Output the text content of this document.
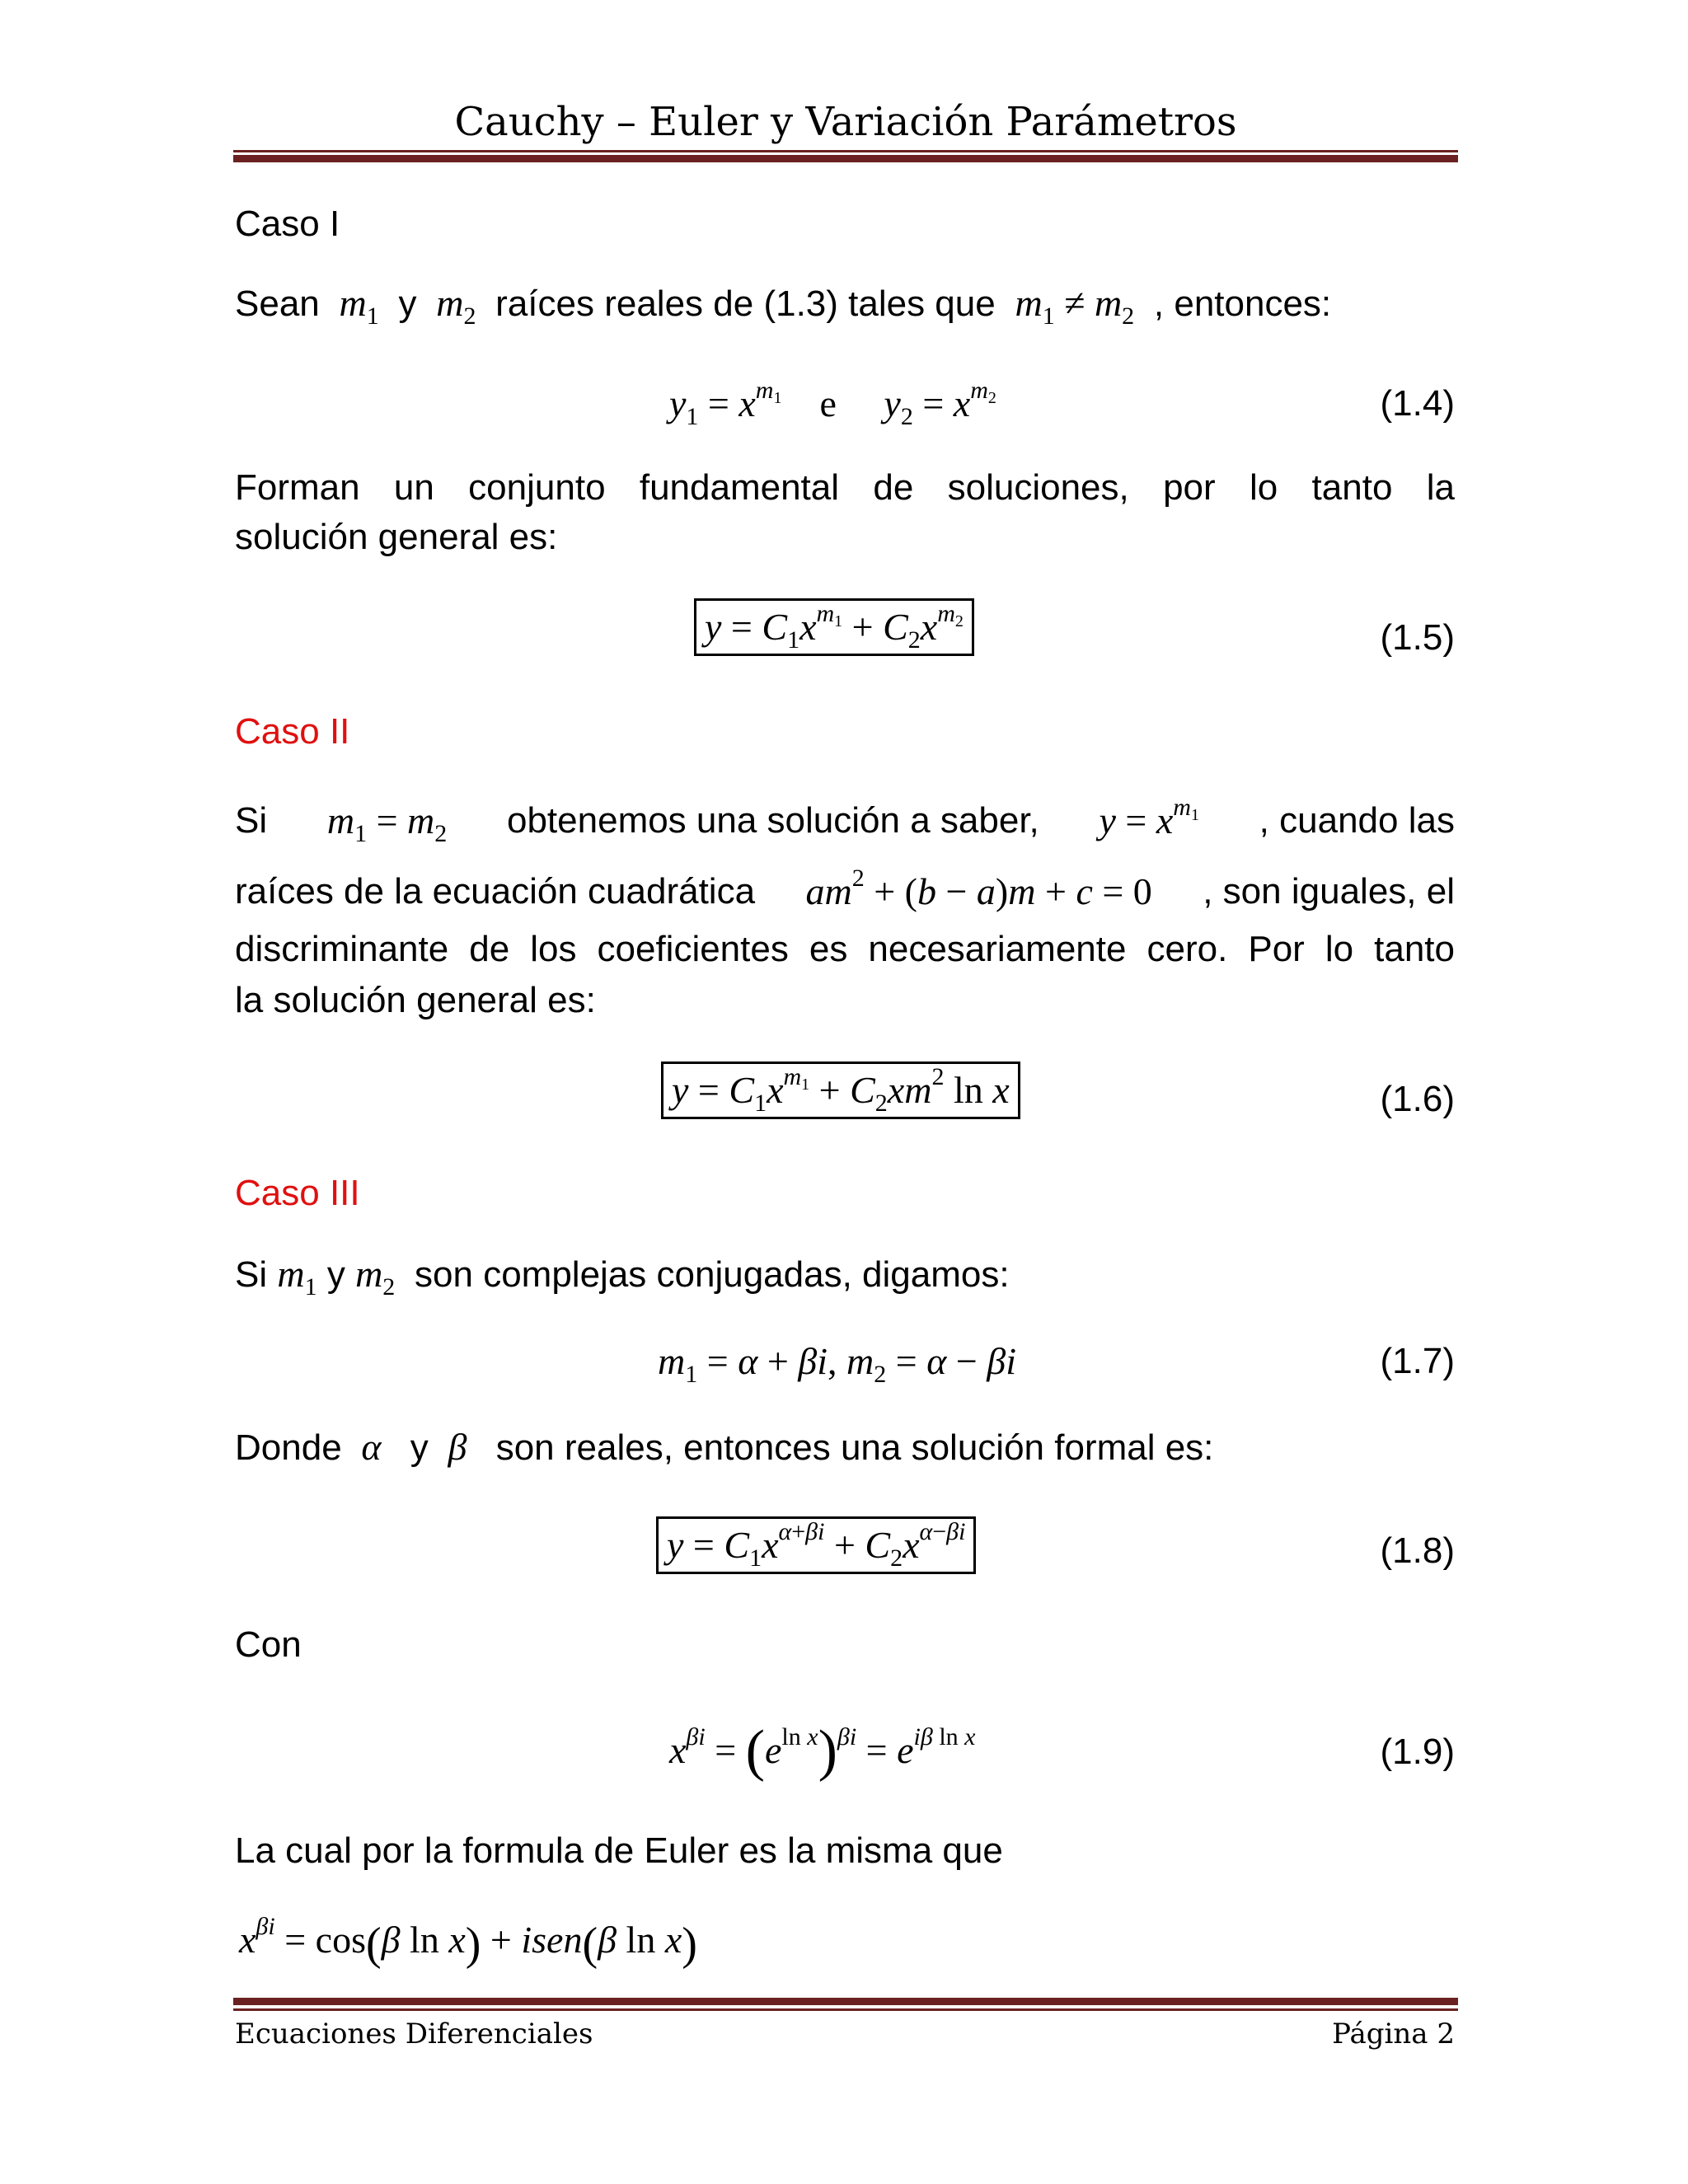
Cauchy – Euler y Variación Parámetros
Caso I
Sean $m_1$ y $m_2$ raíces reales de (1.3) tales que $m_1 \ne m_2$ , entonces:
$y_1 = x^{m_1}$ e $y_2 = x^{m_2}$	(1.4)
Forman un conjunto fundamental de soluciones, por lo tanto la
solución general es:
$y = C_1x^{m_1} + C_2x^{m_2}$	(1.5)
Caso II
Si $m_1 = m_2$ obtenemos una solución a saber, $y = x^{m_1}$ , cuando las
raíces de la ecuación cuadrática $am^2 + (b - a)m + c = 0$ , son iguales, el
discriminante de los coeficientes es necesariamente cero. Por lo tanto
la solución general es:
$y = C_1x^{m_1} + C_2xm^2$ ln x	(1.6)
Caso III
Si $m_1$ y $m_2$ son complejas conjugadas, digamos:
$m_1 = \alpha + \beta i$, $m_2 = \alpha - \beta i$	(1.7)
Donde α y β son reales, entonces una solución formal es:
$y = C_1x^{\alpha+\beta i} + C_2x^{\alpha-\beta i}$	(1.8)
Con
$x^{\beta i} = (e^{ln x})^{\beta i} = e^{i\beta ln x}$	(1.9)
La cual por la formula de Euler es la misma que
$x^{\beta i} = \cos(\beta$ ln x) + isen(β ln x)
Ecuaciones Diferenciales	Página 2
